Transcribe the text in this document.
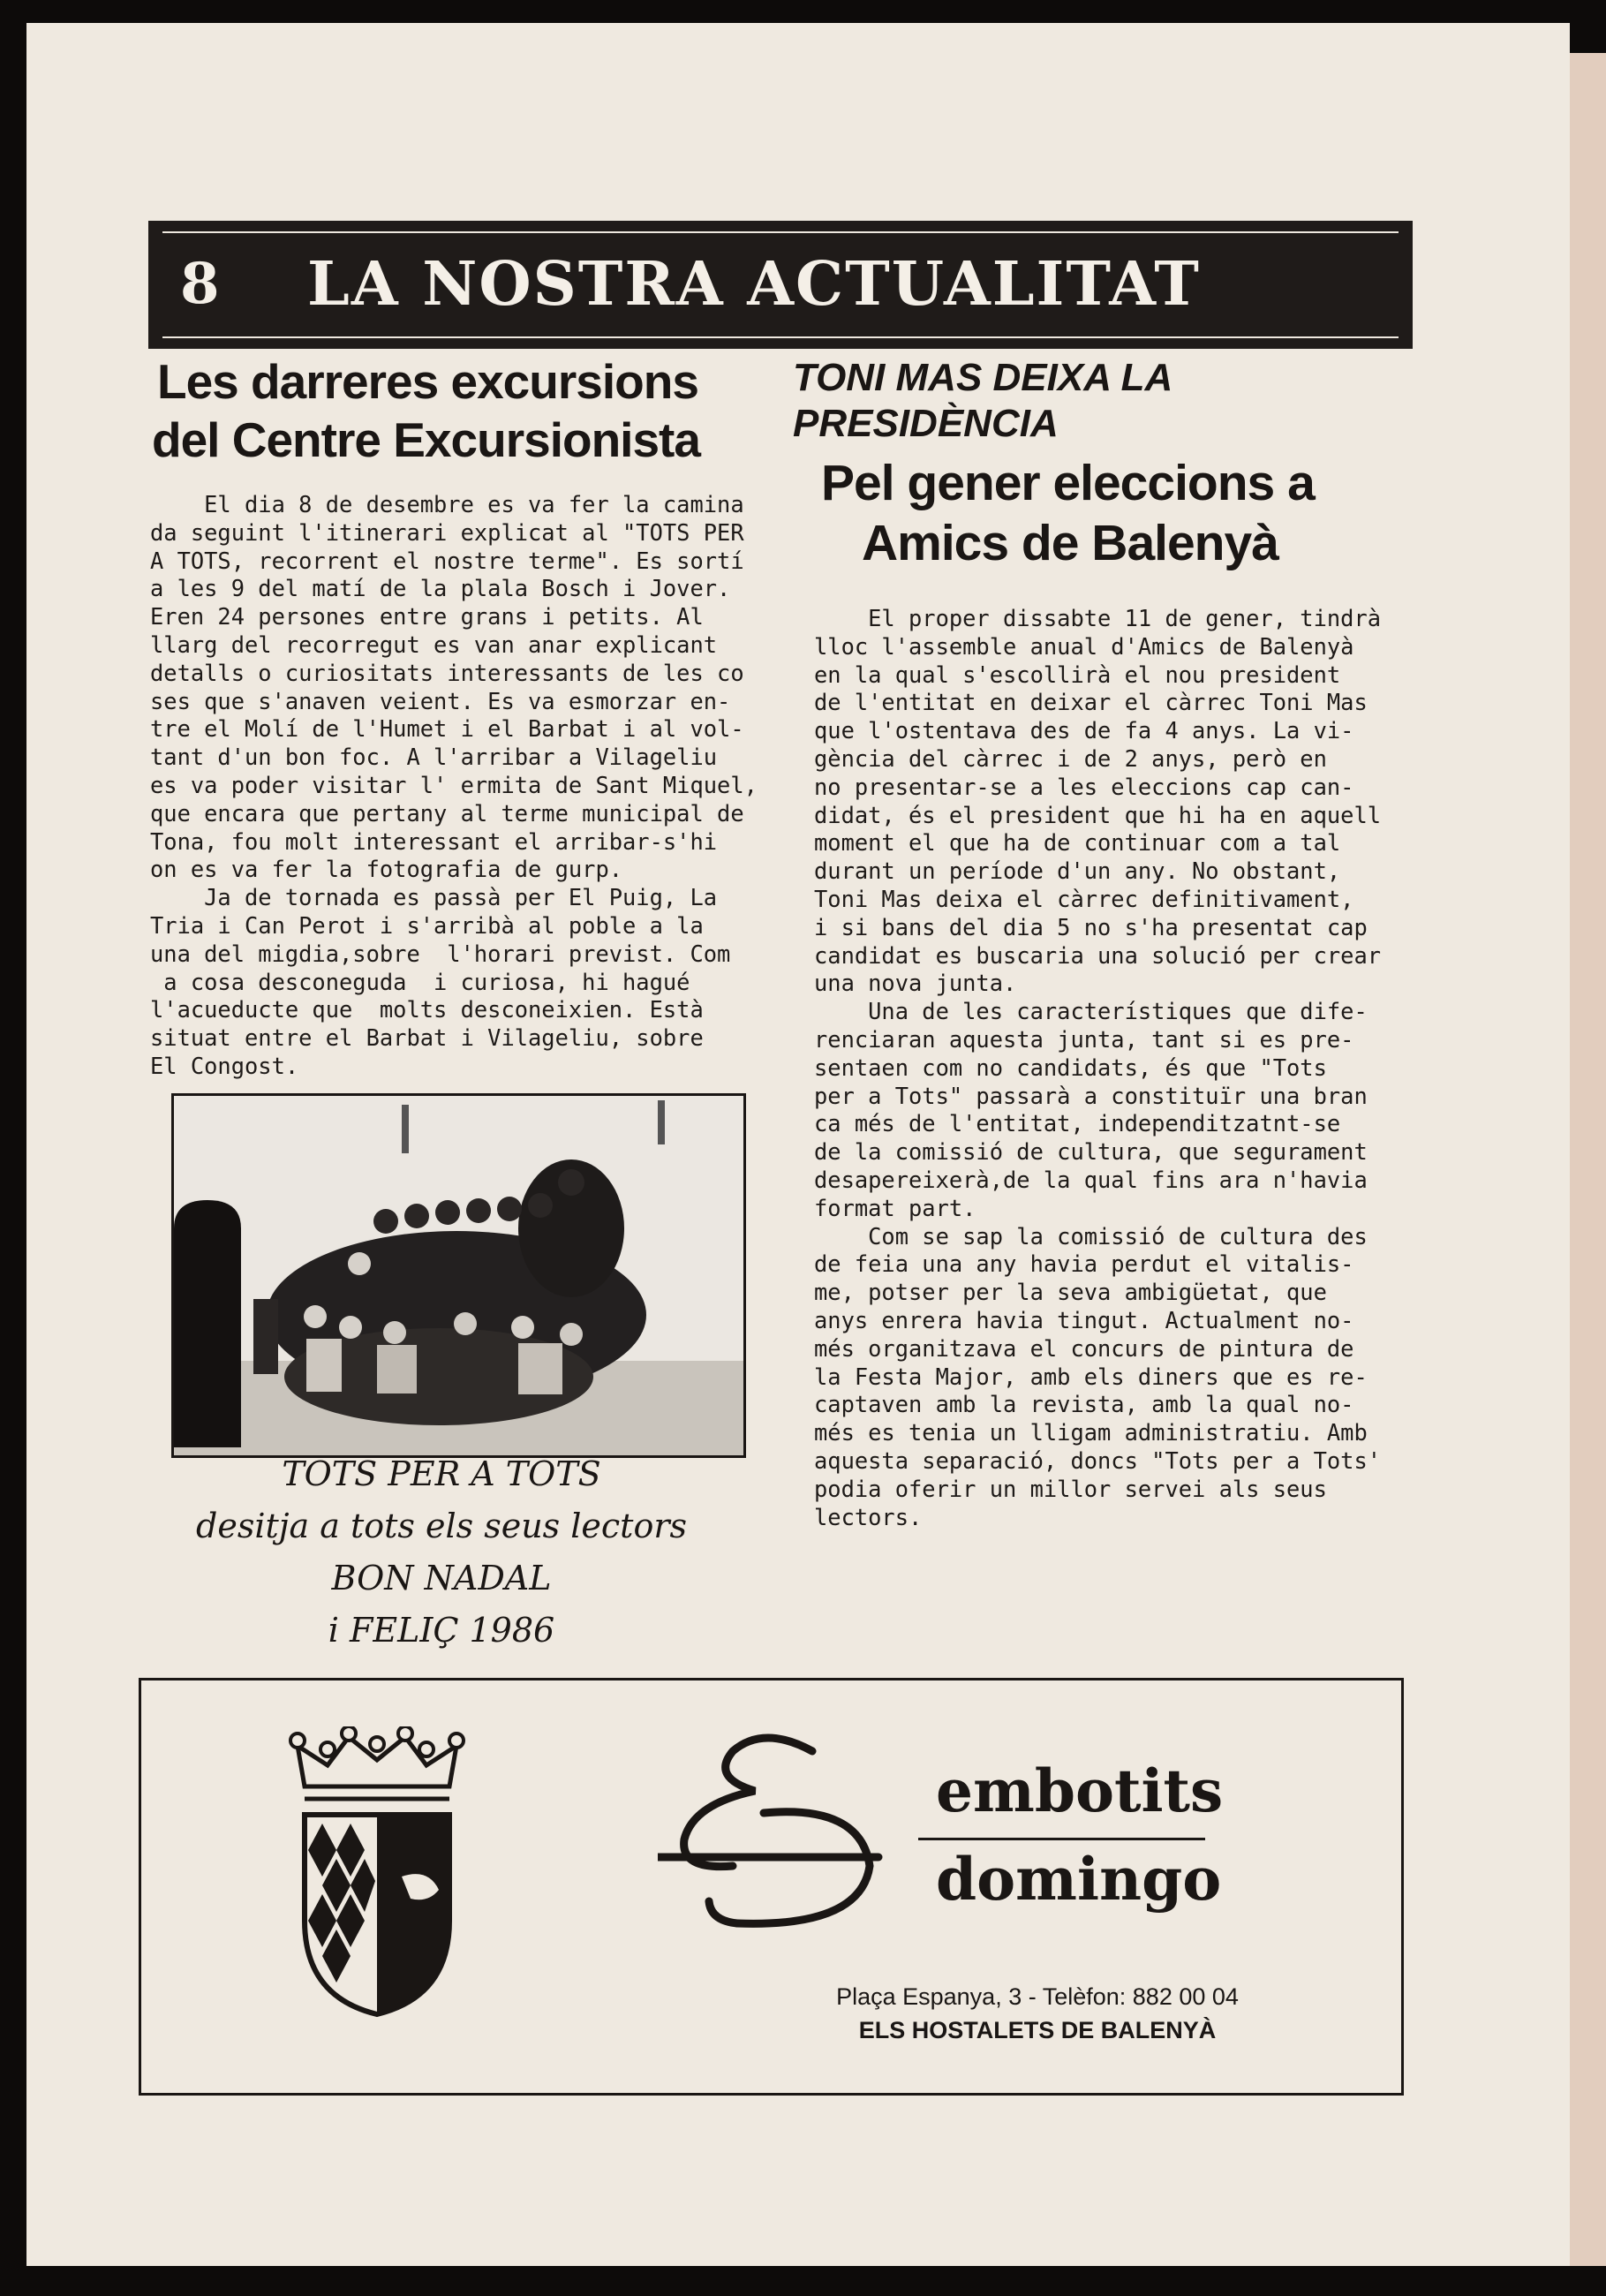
8 LA NOSTRA ACTUALITAT
Les darreres excursions
del Centre Excursionista
El dia 8 de desembre es va fer la camina
da seguint l'itinerari explicat al "TOTS PER
A TOTS, recorrent el nostre terme". Es sortí
a les 9 del matí de la plala Bosch i Jover.
Eren 24 persones entre grans i petits. Al
llarg del recorregut es van anar explicant
detalls o curiositats interessants de les co
ses que s'anaven veient. Es va esmorzar en-
tre el Molí de l'Humet i el Barbat i al vol-
tant d'un bon foc. A l'arribar a Vilageliu
es va poder visitar l' ermita de Sant Miquel,
que encara que pertany al terme municipal de
Tona, fou molt interessant el arribar-s'hi
on es va fer la fotografia de gurp.
Ja de tornada es passà per El Puig, La
Tria i Can Perot i s'arribà al poble a la
una del migdia,sobre  l'horari previst. Com
a cosa desconeguda  i curiosa, hi hagué
l'acueducte que  molts desconeixien. Està
situat entre el Barbat i Vilageliu, sobre
El Congost.
TOTS PER A TOTS
desitja a tots els seus lectors
BON NADAL
i FELIÇ 1986
TONI MAS DEIXA LA
PRESIDÈNCIA
Pel gener eleccions a
Amics de Balenyà
El proper dissabte 11 de gener, tindrà
lloc l'assemble anual d'Amics de Balenyà
en la qual s'escollirà el nou president
de l'entitat en deixar el càrrec Toni Mas
que l'ostentava des de fa 4 anys. La vi-
gència del càrrec i de 2 anys, però en
no presentar-se a les eleccions cap can-
didat, és el president que hi ha en aquell
moment el que ha de continuar com a tal
durant un període d'un any. No obstant,
Toni Mas deixa el càrrec definitivament,
i si bans del dia 5 no s'ha presentat cap
candidat es buscaria una solució per crear
una nova junta.
Una de les característiques que dife-
renciaran aquesta junta, tant si es pre-
sentaen com no candidats, és que "Tots
per a Tots" passarà a constituïr una bran
ca més de l'entitat, independitzatnt-se
de la comissió de cultura, que segurament
desapereixerà,de la qual fins ara n'havia
format part.
Com se sap la comissió de cultura des
de feia una any havia perdut el vitalis-
me, potser per la seva ambigüetat, que
anys enrera havia tingut. Actualment no-
més organitzava el concurs de pintura de
la Festa Major, amb els diners que es re-
captaven amb la revista, amb la qual no-
més es tenia un lligam administratiu. Amb
aquesta separació, doncs "Tots per a Tots'
podia oferir un millor servei als seus
lectors.
embotits
domingo
Plaça Espanya, 3 - Telèfon: 882 00 04
ELS HOSTALETS DE BALENYÀ
